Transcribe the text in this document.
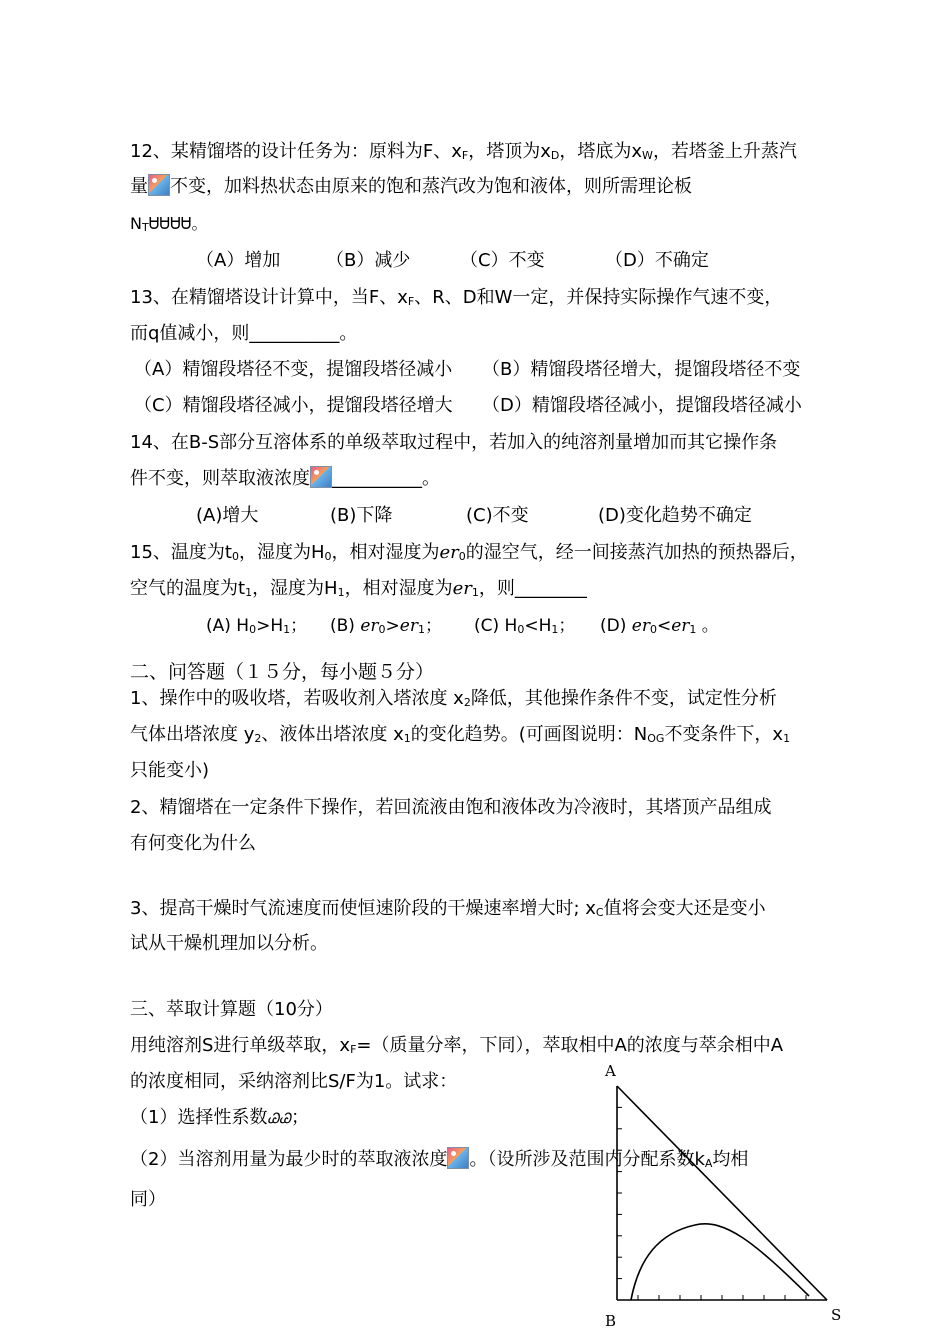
12、某精馏塔的设计任务为：原料为F、$x_F$，塔顶为$x_D$，塔底为$x_W$，若塔釜上升蒸汽
量 不变，加料热状态由原来的饱和蒸汽改为饱和液体，则所需理论板
$N_TᏌᏌᏌᏌ$。
（A）增加	（B）减少	（C）不变	（D）不确定
13、在精馏塔设计计算中，当F、$x_F$、R、D和W一定，并保持实际操作气速不变，
而q值减小，则__________。
（A）精馏段塔径不变，提馏段塔径减小 （B）精馏段塔径增大，提馏段塔径不变
（C）精馏段塔径减小，提馏段塔径增大 （D）精馏段塔径减小，提馏段塔径减小
14、在B-S部分互溶体系的单级萃取过程中，若加入的纯溶剂量增加而其它操作条
件不变，则萃取液浓度 __________。
(A)增大	(B)下降	(C)不变	(D)变化趋势不确定
15、温度为$t_0$，湿度为$H_0$，相对湿度为$er_0$的湿空气，经一间接蒸汽加热的预热器后，
空气的温度为$t_1$，湿度为$H_1$，相对湿度为$er_1$，则________
(A) $H_0>H_1$； (B) $er_0>er_1$； (C) $H_0<H_1$； (D) $er_0<er_1$ 。
二、问答题（１５分，每小题５分）
1、操作中的吸收塔，若吸收剂入塔浓度 $x_2$降低，其他操作条件不变，试定性分析
气体出塔浓度 $y_2$、液体出塔浓度 $x_1$的变化趋势。(可画图说明：$N_{OG}$不变条件下，$x_1$
只能变小)
2、精馏塔在一定条件下操作，若回流液由饱和液体改为冷液时，其塔顶产品组成
有何变化为什么
3、提高干燥时气流速度而使恒速阶段的干燥速率增大时; $x_C$值将会变大还是变小
试从干燥机理加以分析。
三、萃取计算题（10分）
用纯溶剂S进行单级萃取，$x_F=$（质量分率，下同），萃取相中A的浓度与萃余相中A
的浓度相同，采纳溶剂比S/F为1。试求：
（1）选择性系数ᏊᏊ；
（2）当溶剂用量为最少时的萃取液浓度 。（设所涉及范围内分配系数$k_A$均相
同）
A
B	S
